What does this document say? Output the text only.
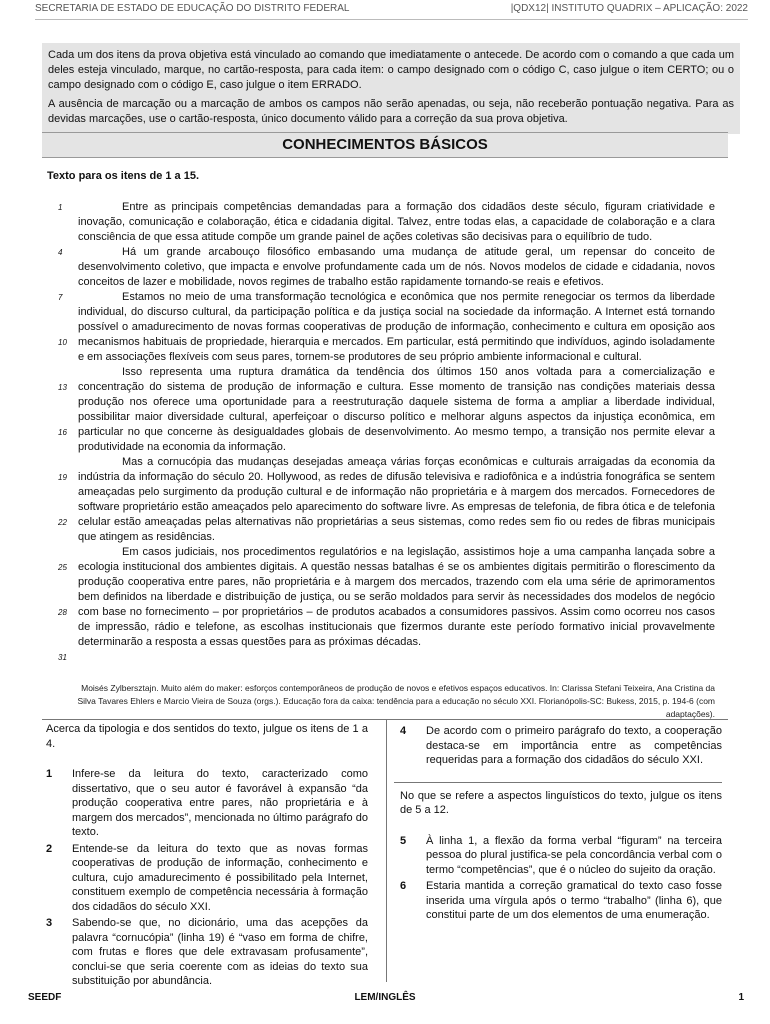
SECRETARIA DE ESTADO DE EDUCAÇÃO DO DISTRITO FEDERAL	|QDX12| INSTITUTO QUADRIX – APLICAÇÃO: 2022

Cada um dos itens da prova objetiva está vinculado ao comando que imediatamente o antecede. De acordo com o comando a que cada um deles esteja vinculado, marque, no cartão-resposta, para cada item: o campo designado com o código C, caso julgue o item CERTO; ou o campo designado com o código E, caso julgue o item ERRADO.

A ausência de marcação ou a marcação de ambos os campos não serão apenadas, ou seja, não receberão pontuação negativa. Para as devidas marcações, use o cartão-resposta, único documento válido para a correção da sua prova objetiva.

CONHECIMENTOS BÁSICOS
Texto para os itens de 1 a 15.
1
4
7
10
13
16
19
22
25
28
31

Entre as principais competências demandadas para a formação dos cidadãos deste século, figuram criatividade e inovação, comunicação e colaboração, ética e cidadania digital. Talvez, entre todas elas, a capacidade de colaboração e a clara consciência de que essa atitude compõe um grande painel de ações coletivas são decisivas para o equilíbrio de tudo.

Há um grande arcabouço filosófico embasando uma mudança de atitude geral, um repensar do conceito de desenvolvimento coletivo, que impacta e envolve profundamente cada um de nós. Novos modelos de cidade e cidadania, novos conceitos de lazer e mobilidade, novos regimes de trabalho estão rapidamente tornando-se reais e efetivos.

Estamos no meio de uma transformação tecnológica e econômica que nos permite renegociar os termos da liberdade individual, do discurso cultural, da participação política e da justiça social na sociedade da informação. A Internet está tornando possível o amadurecimento de novas formas cooperativas de produção de informação, conhecimento e cultura em oposição aos mecanismos habituais de propriedade, hierarquia e mercados. Em particular, está permitindo que indivíduos, agindo isoladamente e em associações flexíveis com seus pares, tornem-se produtores de seu próprio ambiente informacional e cultural.

Isso representa uma ruptura dramática da tendência dos últimos 150 anos voltada para a comercialização e concentração do sistema de produção de informação e cultura. Esse momento de transição nas condições materiais dessa produção nos oferece uma oportunidade para a reestruturação daquele sistema de forma a ampliar a liberdade individual, possibilitar maior diversidade cultural, aperfeiçoar o discurso político e melhorar alguns aspectos da injustiça econômica, em particular no que concerne às desigualdades globais de desenvolvimento. Ao mesmo tempo, a transição nos permite elevar a produtividade na economia da informação.

Mas a cornucópia das mudanças desejadas ameaça várias forças econômicas e culturais arraigadas da economia da indústria da informação do século 20. Hollywood, as redes de difusão televisiva e radiofônica e a indústria fonográfica se sentem ameaçadas pelo surgimento da produção cultural e de informação não proprietária e à margem dos mercados. Fornecedores de software proprietário estão ameaçados pelo aparecimento do software livre. As empresas de telefonia, de fibra ótica e de telefonia celular estão ameaçadas pelas alternativas não proprietárias a seus sistemas, como redes sem fio ou redes de fibras municipais que atingem as residências.

Em casos judiciais, nos procedimentos regulatórios e na legislação, assistimos hoje a uma campanha lançada sobre a ecologia institucional dos ambientes digitais. A questão nessas batalhas é se os ambientes digitais permitirão o florescimento da produção cooperativa entre pares, não proprietária e à margem dos mercados, trazendo com ela uma série de aprimoramentos bem definidos na liberdade e distribuição de justiça, ou se serão moldados para servir às necessidades dos modelos de negócio com base no fornecimento – por proprietários – de produtos acabados a consumidores passivos. Assim como ocorreu nos casos de impressão, rádio e telefone, as escolhas institucionais que fizermos durante este período formativo inicial provavelmente determinarão a resposta a essas questões para as próximas décadas.

Moisés Zylbersztajn. Muito além do maker: esforços contemporâneos de produção de novos e efetivos espaços educativos. In: Clarissa Stefani Teixeira, Ana Cristina da Silva Tavares Ehlers e Marcio Vieira de Souza (orgs.). Educação fora da caixa: tendência para a educação no século XXI. Florianópolis-SC: Bukess, 2015, p. 194-6 (com adaptações).

Acerca da tipologia e dos sentidos do texto, julgue os itens de 1 a 4.

1	Infere-se da leitura do texto, caracterizado como dissertativo, que o seu autor é favorável à expansão “da produção cooperativa entre pares, não proprietária e à margem dos mercados”, mencionada no último parágrafo do texto.
2	Entende-se da leitura do texto que as novas formas cooperativas de produção de informação, conhecimento e cultura, cujo amadurecimento é possibilitado pela Internet, constituem exemplo de competência necessária à formação dos cidadãos do século XXI.
3	Sabendo-se que, no dicionário, uma das acepções da palavra “cornucópia” (linha 19) é “vaso em forma de chifre, com frutas e flores que dele extravasam profusamente”, conclui-se que seria coerente com as ideias do texto sua substituição por abundância.
4	De acordo com o primeiro parágrafo do texto, a cooperação destaca-se em importância entre as competências requeridas para a formação dos cidadãos do século XXI.

No que se refere a aspectos linguísticos do texto, julgue os itens de 5 a 12.

5	À linha 1, a flexão da forma verbal “figuram” na terceira pessoa do plural justifica-se pela concordância verbal com o termo “competências”, que é o núcleo do sujeito da oração.
6	Estaria mantida a correção gramatical do texto caso fosse inserida uma vírgula após o termo “trabalho” (linha 6), que constitui parte de um dos elementos de uma enumeração.
SEEDF	LEM/INGLÊS	1
